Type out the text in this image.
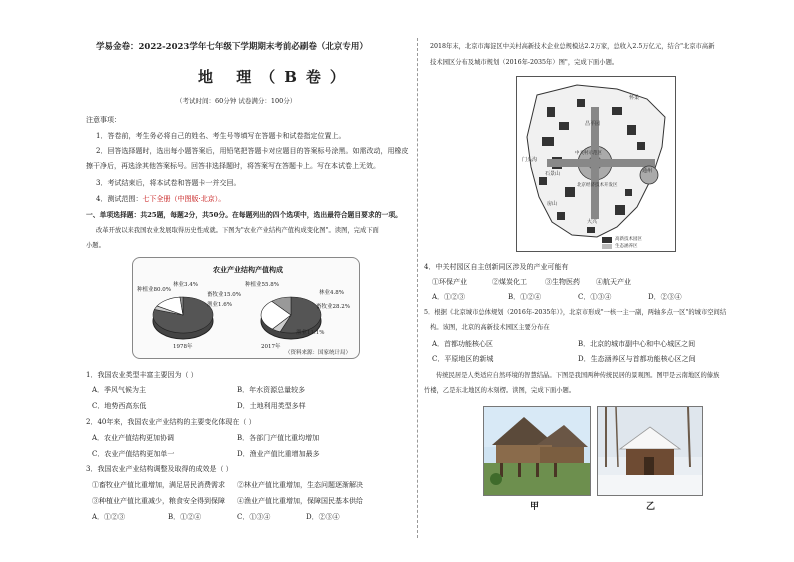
学易金卷：2022-2023学年七年级下学期期末考前必刷卷（北京专用）
地 理（B卷）
（考试时间：60分钟 试卷满分：100分）
注意事项：
1．答卷前，考生务必将自己的姓名、考生号等填写在答题卡和试卷指定位置上。
2．回答选择题时，选出每小题答案后，用铅笔把答题卡对应题目的答案标号涂黑。如需改动，用橡皮
擦干净后，再选涂其他答案标号。回答非选择题时，将答案写在答题卡上。写在本试卷上无效。
3．考试结束后，将本试卷和答题卡一并交回。
4．测试范围：七下全册（中图版·北京）。
一、单项选择题：共25题，每题2分，共50分。在每题列出的四个选项中，选出最符合题目要求的一项。
改革开放以来我国农业发展取得历史性成就。下图为"农业产业结构产值构成变化图"。读图，完成下面
小题。
农业产业结构产值构成
种植业80.0%
林业3.4%
畜牧业15.0%
渔业1.6%
种植业55.8%
林业4.8%
畜牧业28.2%
渔业11.1%
1978年	2017年
（资料来源：国家统计局）
1．我国农业类型丰富主要因为（ ）
A．季风气候为主	B．年水资源总量较多
C．地势西高东低	D．土地利用类型多样
2．40年来，我国农业产业结构的主要变化体现在（ ）
A．农业产值结构更加协调	B．各部门产值比重均增加
C．农业产值结构更加单一	D．渔业产值比重增加最多
3．我国农业产业结构调整及取得的成效是（ ）
①畜牧业产值比重增加，满足居民消费需求 ②林业产值比重增加，生态问题逐渐解决
③种植业产值比重减少，粮食安全得到保障 ④渔业产值比重增加，保障国民基本供给
A．①②③	B．①②④	C．①③④	D．②③④
2018年末，北京市海淀区中关村高新技术企业总规模达2.2万家，总收入2.5万亿元，结合"北京市高新
技术园区分布及城市规划（2016年-2035年）图"，完成下面小题。
昌平园
怀柔
中关村示范区
通州
大兴
门头沟
石景山
北京经济技术开发区
房山
高新技术园区
生态涵养区
4．中关村园区自主创新同区涉及的产业可能有
①环保产业	②煤炭化工	③生物医药 ④航天产业
A．①②③	B．①②④	C．①③④	D．②③④
5．根据《北京城市总体规划（2016年-2035年）》，北京市形成"一核一主一副，两轴多点一区"的城市空间结
构。该图，北京的高新技术园区主要分布在
A．首都功能核心区	B．北京的城市副中心和中心城区之间
C．平原地区的新城	D．生态涵养区与首都功能核心区之间
传统民居是人类适应自然环境的智慧结晶。下图是我国两种传统民居的景观图。图甲是云南地区的傣族
竹楼，乙是东北地区的木刻楞。读图，完成下面小题。
甲	乙
